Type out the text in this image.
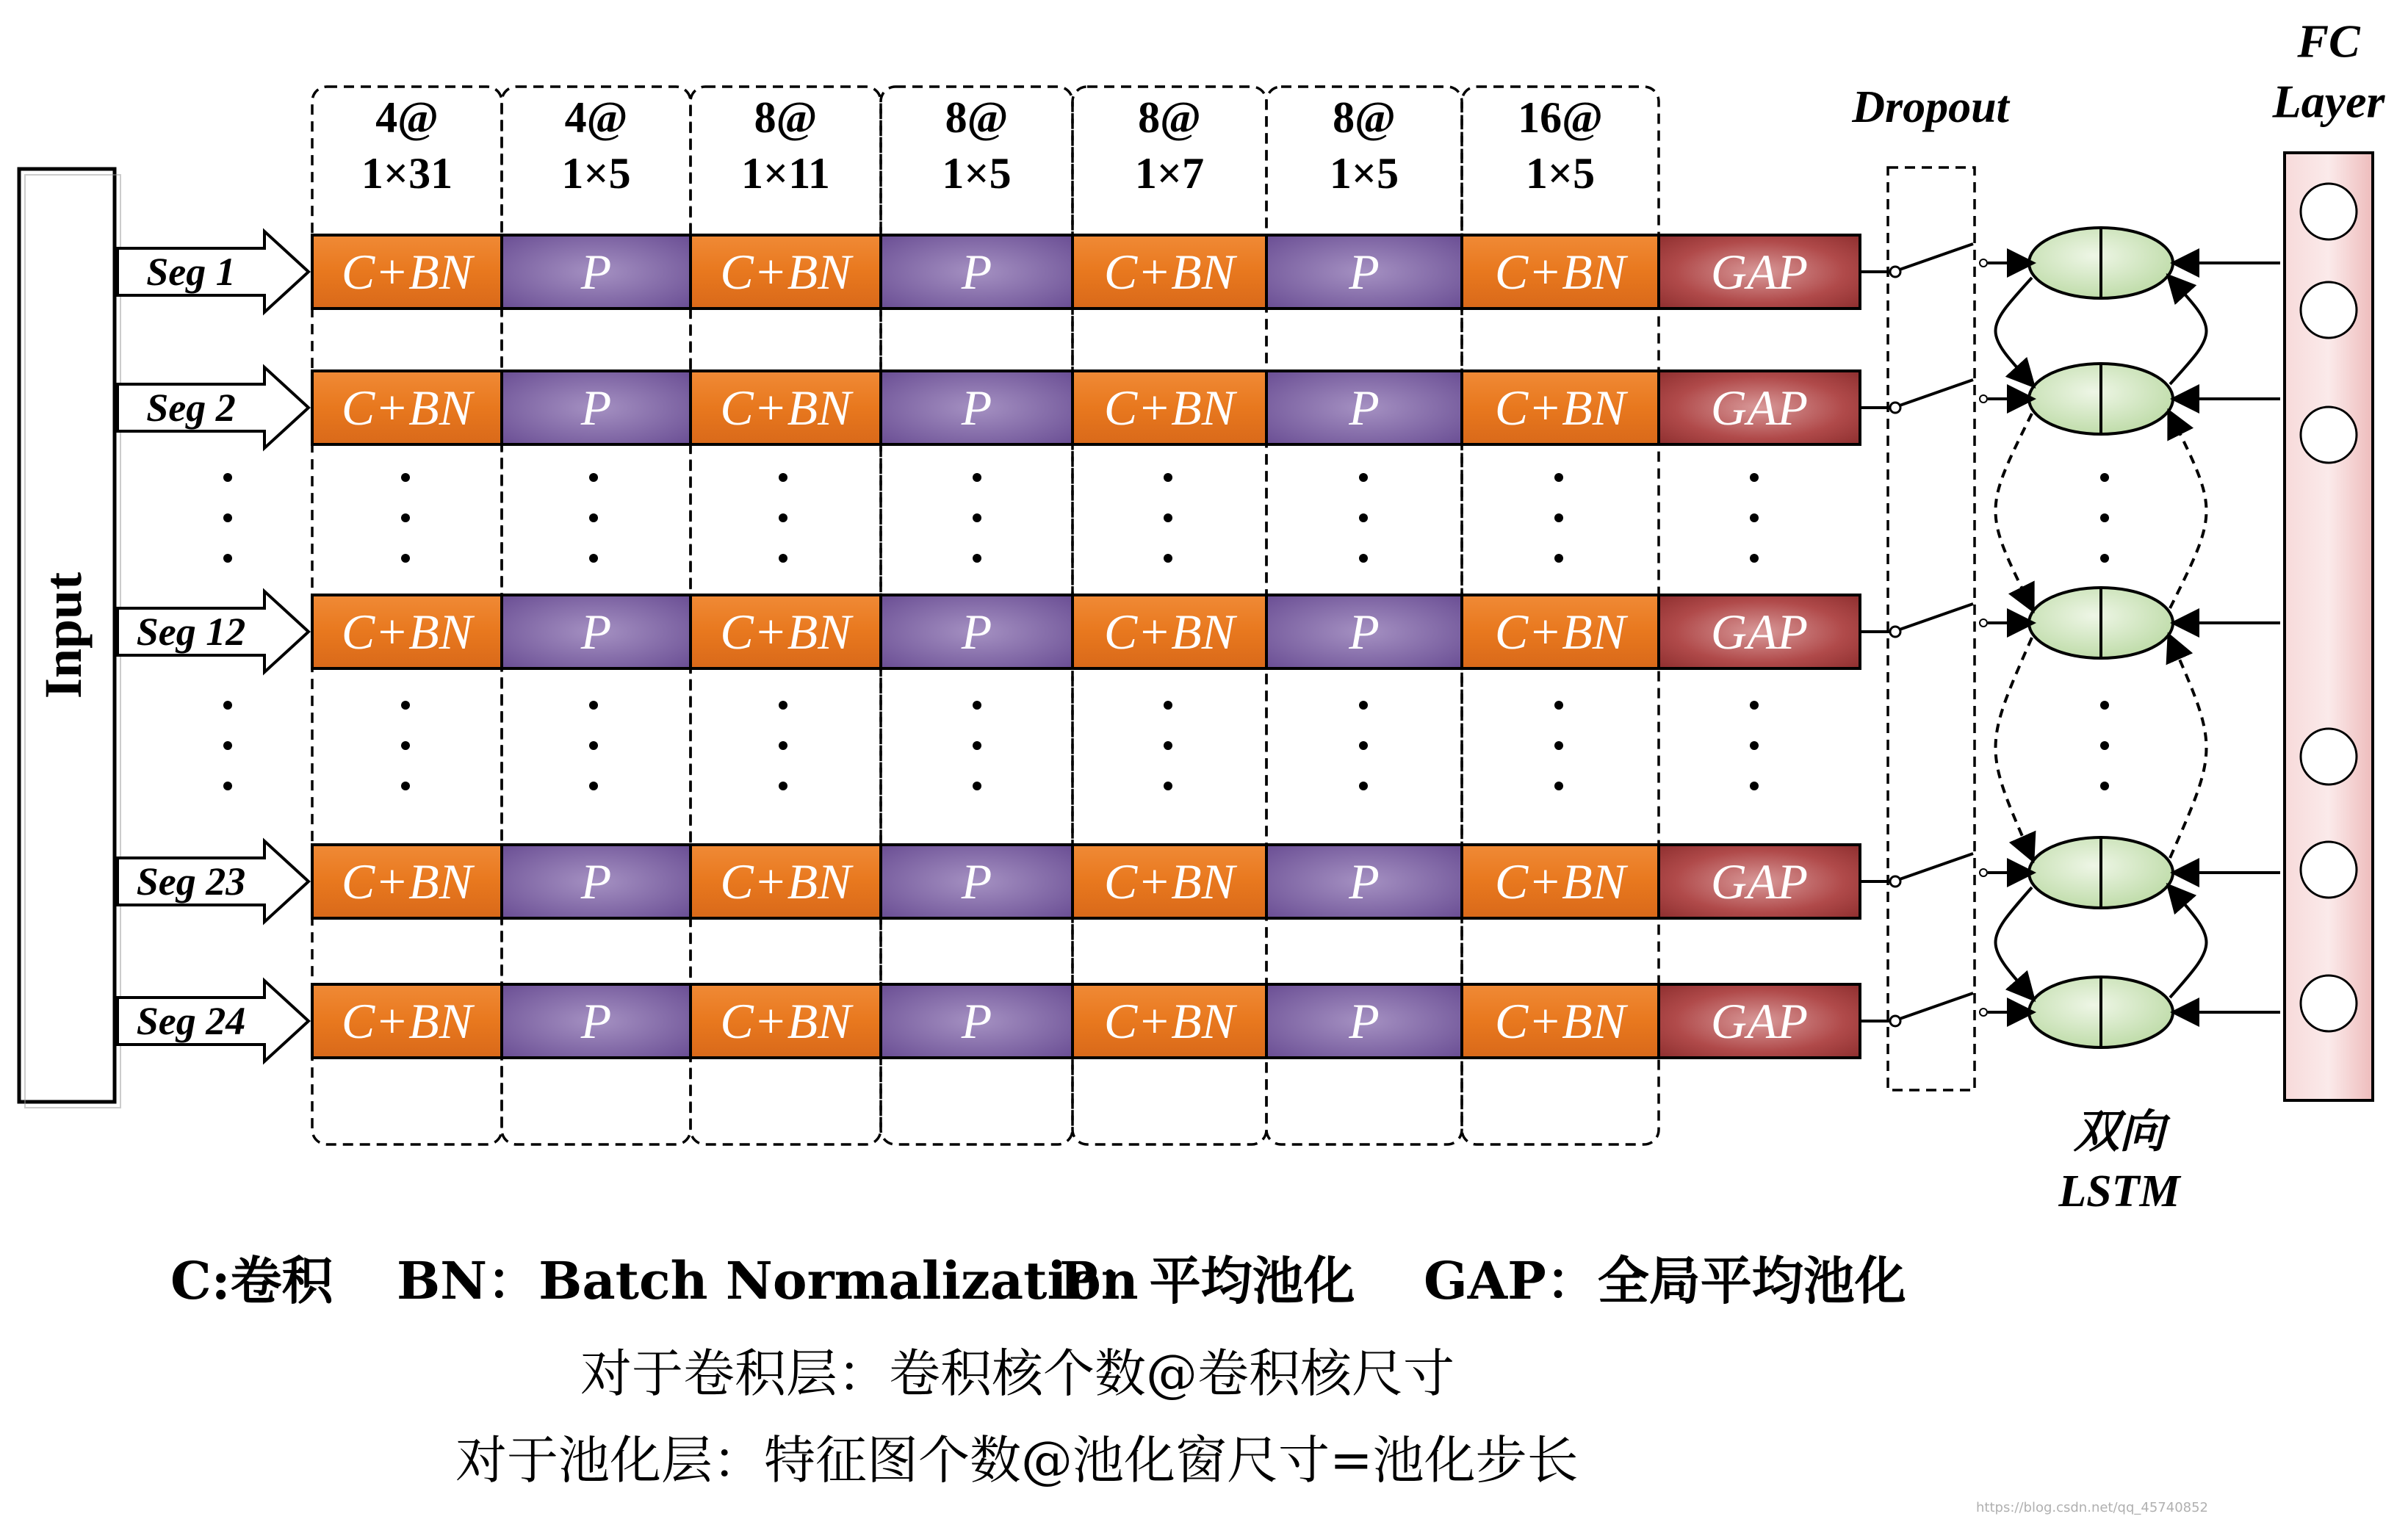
Input
4@
1×31
4@
1×5
8@
1×11
8@
1×5
8@
1×7
8@
1×5
16@
1×5
Seg 1 C+BN P C+BN P C+BN P C+BN GAP
Seg 2 C+BN P C+BN P C+BN P C+BN GAP
Seg 12 C+BN P C+BN P C+BN P C+BN GAP
Seg 23 C+BN P C+BN P C+BN P C+BN GAP
Seg 24 C+BN P C+BN P C+BN P C+BN GAP
Dropout
双向
LSTM
FC
Layer
C:卷积 BN：Batch Normalization
P：平均池化 GAP：全局平均池化
对于卷积层：卷积核个数@卷积核尺寸
对于池化层：特征图个数@池化窗尺寸=池化步长
https://blog.csdn.net/qq_45740852
